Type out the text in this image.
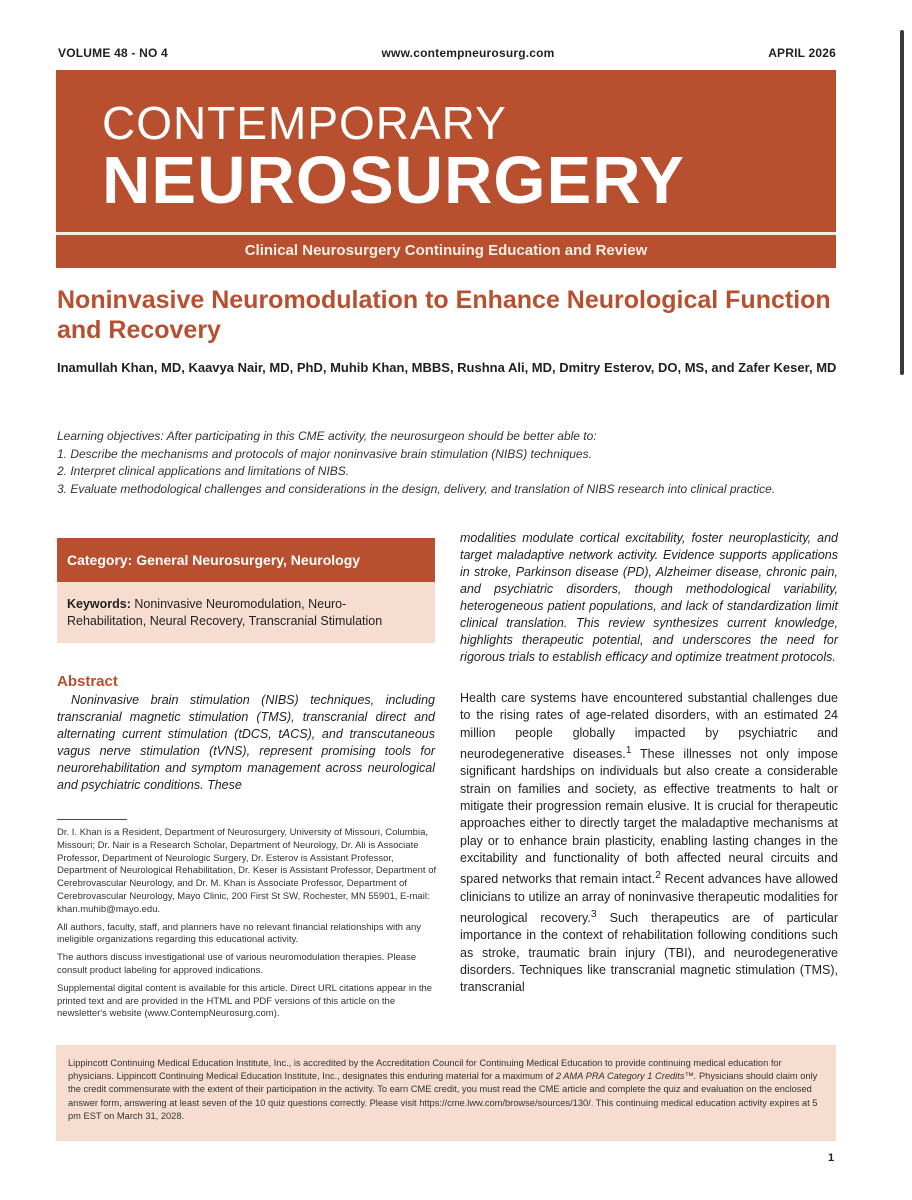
VOLUME 48 - NO 4	www.contempneurosurg.com	APRIL 2026
CONTEMPORARY
NEUROSURGERY
Clinical Neurosurgery Continuing Education and Review
Noninvasive Neuromodulation to Enhance Neurological Function and Recovery
Inamullah Khan, MD, Kaavya Nair, MD, PhD, Muhib Khan, MBBS, Rushna Ali, MD, Dmitry Esterov, DO, MS, and Zafer Keser, MD
Learning objectives: After participating in this CME activity, the neurosurgeon should be better able to:
1. Describe the mechanisms and protocols of major noninvasive brain stimulation (NIBS) techniques.
2. Interpret clinical applications and limitations of NIBS.
3. Evaluate methodological challenges and considerations in the design, delivery, and translation of NIBS research into clinical practice.
Category: General Neurosurgery, Neurology
Keywords: Noninvasive Neuromodulation, Neuro-Rehabilitation, Neural Recovery, Transcranial Stimulation
Abstract
Noninvasive brain stimulation (NIBS) techniques, including transcranial magnetic stimulation (TMS), transcranial direct and alternating current stimulation (tDCS, tACS), and transcutaneous vagus nerve stimulation (tVNS), represent promising tools for neurorehabilitation and symptom management across neurological and psychiatric conditions. These

Dr. I. Khan is a Resident, Department of Neurosurgery, University of Missouri, Columbia, Missouri; Dr. Nair is a Research Scholar, Department of Neurology, Dr. Ali is Associate Professor, Department of Neurologic Surgery, Dr. Esterov is Assistant Professor, Department of Neurological Rehabilitation, Dr. Keser is Assistant Professor, Department of Cerebrovascular Neurology, and Dr. M. Khan is Associate Professor, Department of Cerebrovascular Neurology, Mayo Clinic, 200 First St SW, Rochester, MN 55901, E-mail: khan.muhib@mayo.edu.

All authors, faculty, staff, and planners have no relevant financial relationships with any ineligible organizations regarding this educational activity.

The authors discuss investigational use of various neuromodulation therapies. Please consult product labeling for approved indications.

Supplemental digital content is available for this article. Direct URL citations appear in the printed text and are provided in the HTML and PDF versions of this article on the newsletter's website (www.ContempNeurosurg.com).

modalities modulate cortical excitability, foster neuroplasticity, and target maladaptive network activity. Evidence supports applications in stroke, Parkinson disease (PD), Alzheimer disease, chronic pain, and psychiatric disorders, though methodological variability, heterogeneous patient populations, and lack of standardization limit clinical translation. This review synthesizes current knowledge, highlights therapeutic potential, and underscores the need for rigorous trials to establish efficacy and optimize treatment protocols.
Health care systems have encountered substantial challenges due to the rising rates of age-related disorders, with an estimated 24 million people globally impacted by psychiatric and neurodegenerative diseases.$^1$ These illnesses not only impose significant hardships on individuals but also create a considerable strain on families and society, as effective treatments to halt or mitigate their progression remain elusive. It is crucial for therapeutic approaches either to directly target the maladaptive mechanisms at play or to enhance brain plasticity, enabling lasting changes in the excitability and functionality of both affected neural circuits and spared networks that remain intact.$^2$ Recent advances have allowed clinicians to utilize an array of noninvasive therapeutic modalities for neurological recovery.$^3$ Such therapeutics are of particular importance in the context of rehabilitation following conditions such as stroke, traumatic brain injury (TBI), and neurodegenerative disorders. Techniques like transcranial magnetic stimulation (TMS), transcranial
Lippincott Continuing Medical Education Institute, Inc., is accredited by the Accreditation Council for Continuing Medical Education to provide continuing medical education for physicians. Lippincott Continuing Medical Education Institute, Inc., designates this enduring material for a maximum of 2 AMA PRA Category 1 Credits™. Physicians should claim only the credit commensurate with the extent of their participation in the activity. To earn CME credit, you must read the CME article and complete the quiz and evaluation on the enclosed answer form, answering at least seven of the 10 quiz questions correctly. Please visit https://cme.lww.com/browse/sources/130/. This continuing medical education activity expires at 5 pm EST on March 31, 2028.
1
